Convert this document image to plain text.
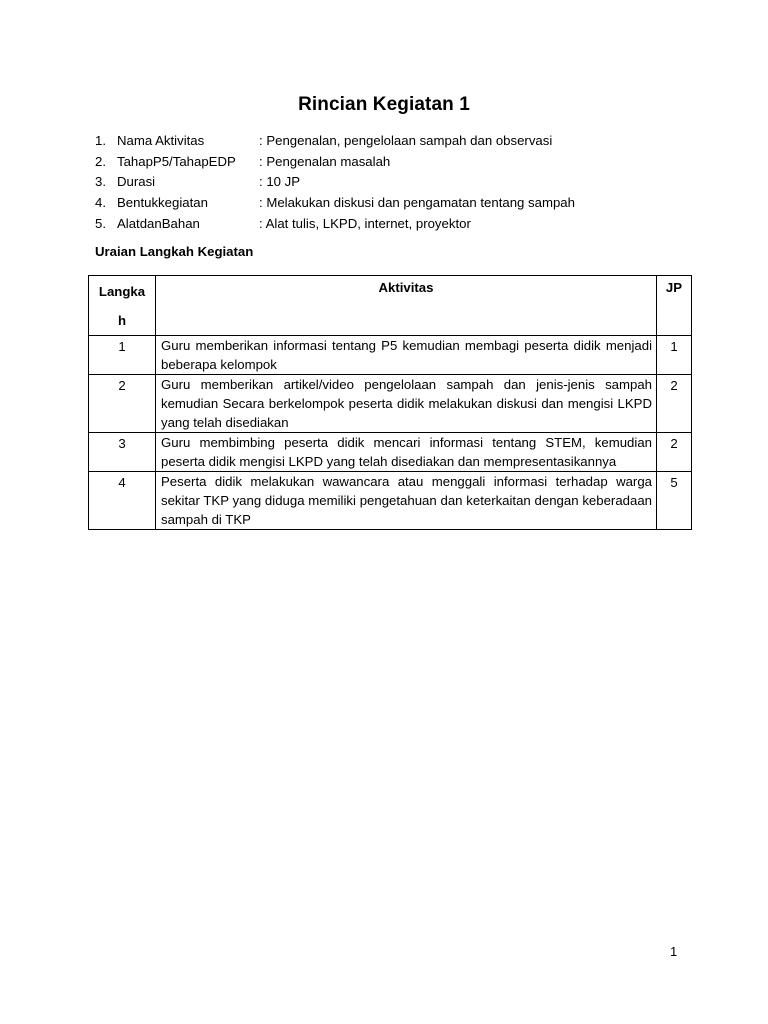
Rincian Kegiatan 1
1. Nama Aktivitas	: Pengenalan, pengelolaan sampah dan observasi
2. TahapP5/TahapEDP	: Pengenalan masalah
3. Durasi	: 10 JP
4. Bentukkegiatan	: Melakukan diskusi dan pengamatan tentang sampah
5. AlatdanBahan	: Alat tulis, LKPD, internet, proyektor
Uraian Langkah Kegiatan
Langka
h	Aktivitas	JP
1	Guru memberikan informasi tentang P5 kemudian membagi peserta didik menjadi beberapa kelompok	1
2	Guru memberikan artikel/video pengelolaan sampah dan jenis-jenis sampah kemudian Secara berkelompok peserta didik melakukan diskusi dan mengisi LKPD yang telah disediakan	2
3	Guru membimbing peserta didik mencari informasi tentang STEM, kemudian peserta didik mengisi LKPD yang telah disediakan dan mempresentasikannya	2
4	Peserta didik melakukan wawancara atau menggali informasi terhadap warga sekitar TKP yang diduga memiliki pengetahuan dan keterkaitan dengan keberadaan sampah di TKP	5
1
